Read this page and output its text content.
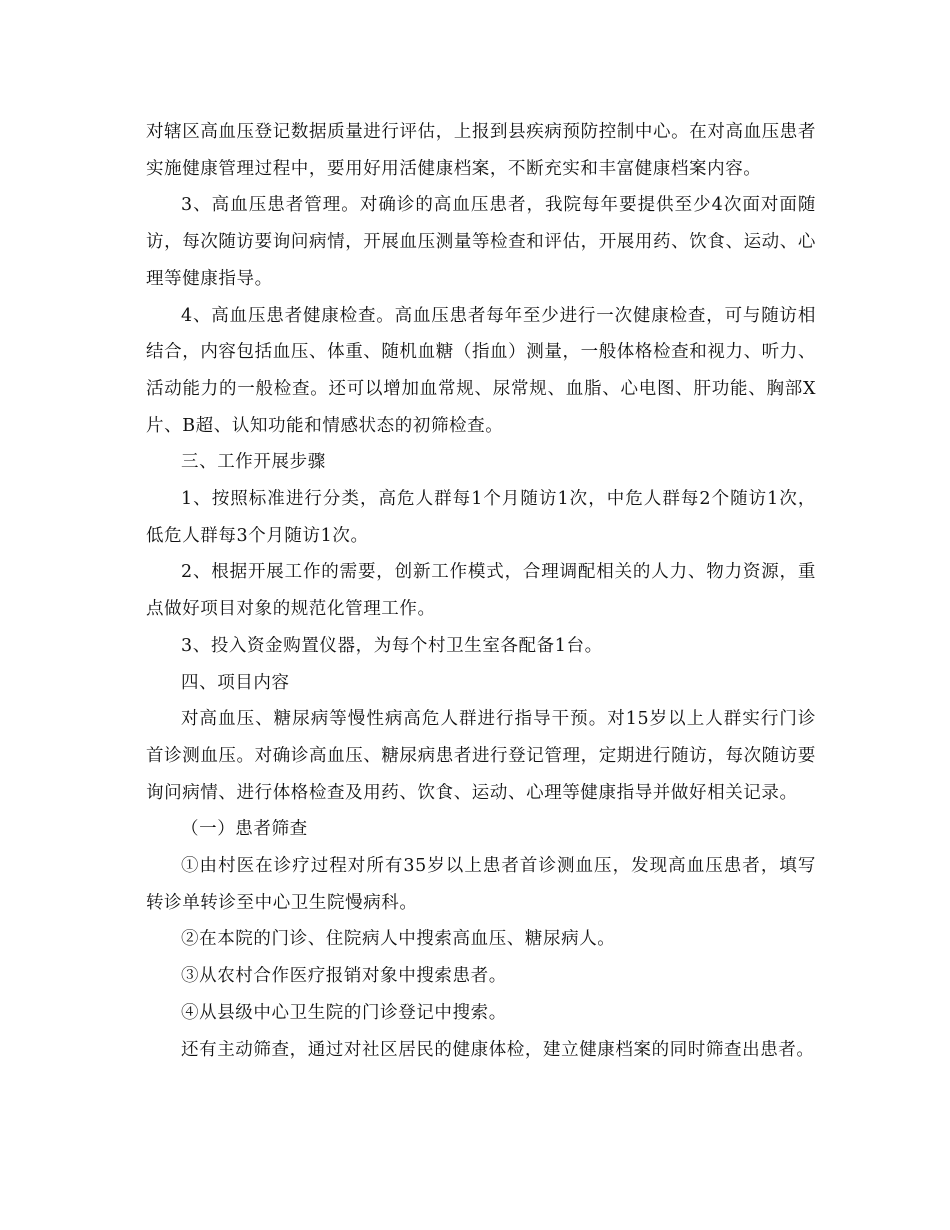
对辖区高血压登记数据质量进行评估，上报到县疾病预防控制中心。在对高血压患者实施健康管理过程中，要用好用活健康档案，不断充实和丰富健康档案内容。

3、高血压患者管理。对确诊的高血压患者，我院每年要提供至少4次面对面随访，每次随访要询问病情，开展血压测量等检查和评估，开展用药、饮食、运动、心理等健康指导。

4、高血压患者健康检查。高血压患者每年至少进行一次健康检查，可与随访相结合，内容包括血压、体重、随机血糖（指血）测量，一般体格检查和视力、听力、活动能力的一般检查。还可以增加血常规、尿常规、血脂、心电图、肝功能、胸部X片、B超、认知功能和情感状态的初筛检查。

三、工作开展步骤

1、按照标准进行分类，高危人群每1个月随访1次，中危人群每2个随访1次，低危人群每3个月随访1次。

2、根据开展工作的需要，创新工作模式，合理调配相关的人力、物力资源，重点做好项目对象的规范化管理工作。

3、投入资金购置仪器，为每个村卫生室各配备1台。

四、项目内容

对高血压、糖尿病等慢性病高危人群进行指导干预。对15岁以上人群实行门诊首诊测血压。对确诊高血压、糖尿病患者进行登记管理，定期进行随访，每次随访要询问病情、进行体格检查及用药、饮食、运动、心理等健康指导并做好相关记录。

（一）患者筛查

①由村医在诊疗过程对所有35岁以上患者首诊测血压，发现高血压患者，填写转诊单转诊至中心卫生院慢病科。

②在本院的门诊、住院病人中搜索高血压、糖尿病人。

③从农村合作医疗报销对象中搜索患者。

④从县级中心卫生院的门诊登记中搜索。

还有主动筛查，通过对社区居民的健康体检，建立健康档案的同时筛查出患者。
